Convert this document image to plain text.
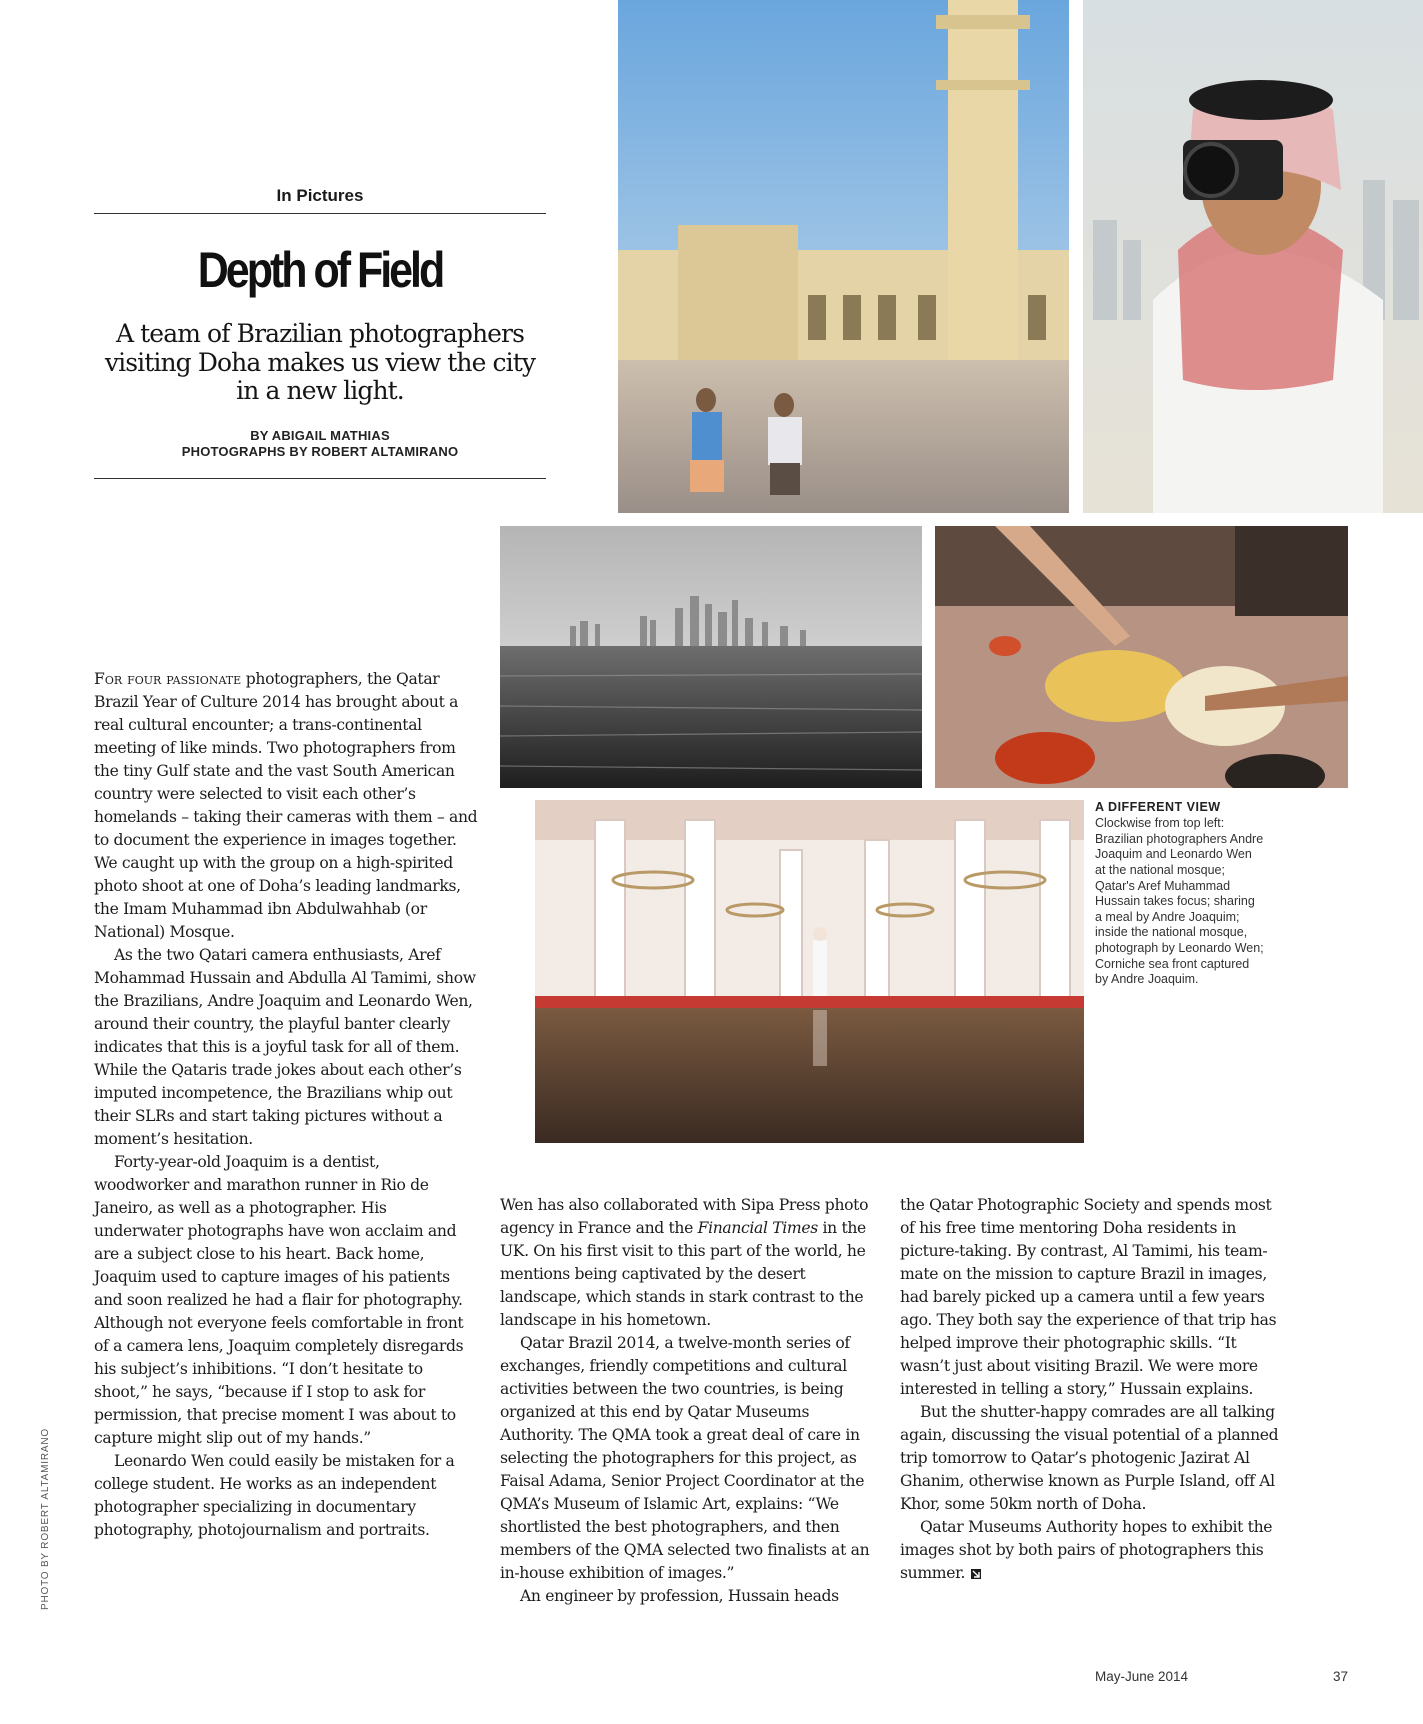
In Pictures
Depth of Field
A team of Brazilian photographers visiting Doha makes us view the city in a new light.
BY ABIGAIL MATHIAS
PHOTOGRAPHS BY ROBERT ALTAMIRANO
A DIFFERENT VIEW
Clockwise from top left: Brazilian photographers Andre Joaquim and Leonardo Wen at the national mosque; Qatar's Aref Muhammad Hussain takes focus; sharing a meal by Andre Joaquim; inside the national mosque, photograph by Leonardo Wen; Corniche sea front captured by Andre Joaquim.

For four passionate photographers, the Qatar Brazil Year of Culture 2014 has brought about a real cultural encounter; a trans-continental meeting of like minds. Two photographers from the tiny Gulf state and the vast South American country were selected to visit each other’s homelands – taking their cameras with them – and to document the experience in images together. We caught up with the group on a high-spirited photo shoot at one of Doha’s leading landmarks, the Imam Muhammad ibn Abdulwahhab (or National) Mosque.

As the two Qatari camera enthusiasts, Aref Mohammad Hussain and Abdulla Al Tamimi, show the Brazilians, Andre Joaquim and Leonardo Wen, around their country, the playful banter clearly indicates that this is a joyful task for all of them. While the Qataris trade jokes about each other’s imputed incompetence, the Brazilians whip out their SLRs and start taking pictures without a moment’s hesitation.

Forty-year-old Joaquim is a dentist, woodworker and marathon runner in Rio de Janeiro, as well as a photographer. His underwater photographs have won acclaim and are a subject close to his heart. Back home, Joaquim used to capture images of his patients and soon realized he had a flair for photography. Although not everyone feels comfortable in front of a camera lens, Joaquim completely disregards his subject’s inhibitions. “I don’t hesitate to shoot,” he says, “because if I stop to ask for permission, that precise moment I was about to capture might slip out of my hands.”

Leonardo Wen could easily be mistaken for a college student. He works as an independent photographer specializing in documentary photography, photojournalism and portraits.

Wen has also collaborated with Sipa Press photo agency in France and the Financial Times in the UK. On his first visit to this part of the world, he mentions being captivated by the desert landscape, which stands in stark contrast to the landscape in his hometown.

Qatar Brazil 2014, a twelve-month series of exchanges, friendly competitions and cultural activities between the two countries, is being organized at this end by Qatar Museums Authority. The QMA took a great deal of care in selecting the photographers for this project, as Faisal Adama, Senior Project Coordinator at the QMA’s Museum of Islamic Art, explains: “We shortlisted the best photographers, and then members of the QMA selected two finalists at an in-house exhibition of images.”

An engineer by profession, Hussain heads

the Qatar Photographic Society and spends most of his free time mentoring Doha residents in picture-taking. By contrast, Al Tamimi, his team-mate on the mission to capture Brazil in images, had barely picked up a camera until a few years ago. They both say the experience of that trip has helped improve their photographic skills. “It wasn’t just about visiting Brazil. We were more interested in telling a story,” Hussain explains.

But the shutter-happy comrades are all talking again, discussing the visual potential of a planned trip tomorrow to Qatar’s photogenic Jazirat Al Ghanim, otherwise known as Purple Island, off Al Khor, some 50km north of Doha.

Qatar Museums Authority hopes to exhibit the images shot by both pairs of photographers this summer.

PHOTO BY ROBERT ALTAMIRANO
May-June 2014	37
